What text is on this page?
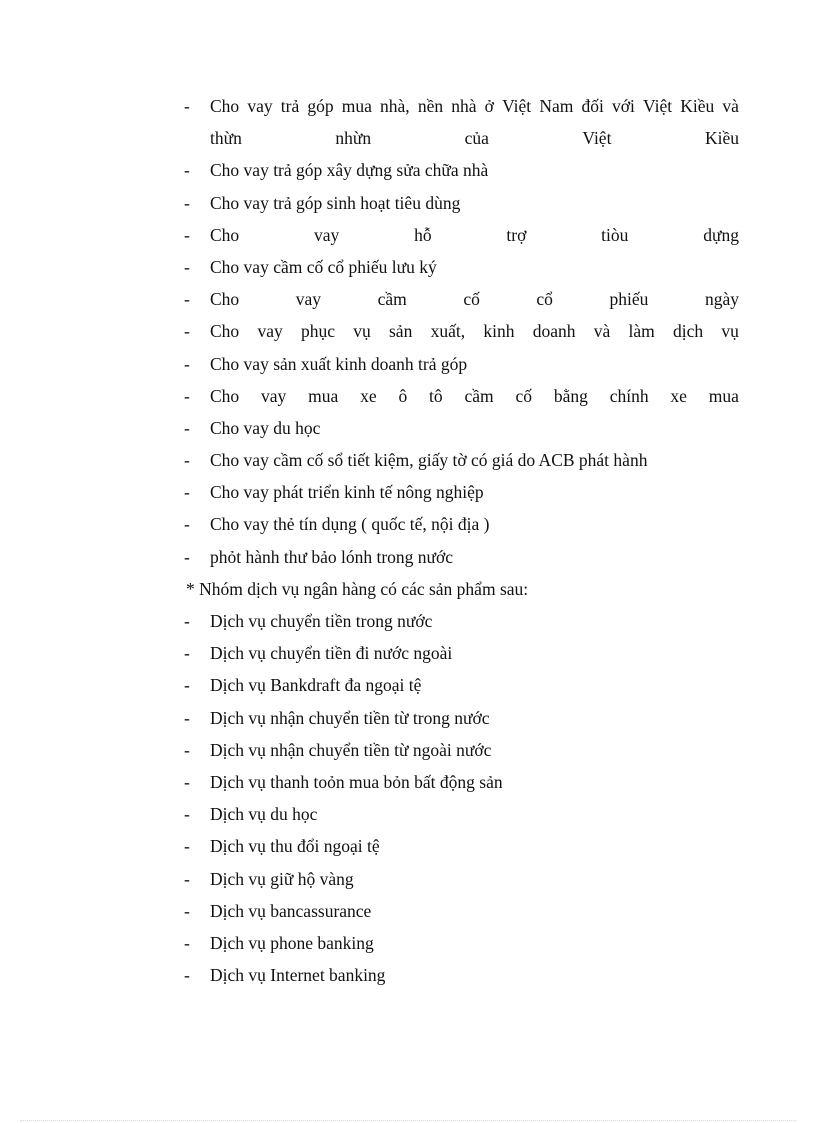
- Cho vay trả góp mua nhà, nền nhà ở Việt Nam đối với Việt Kiều và
thừn	nhừn	của	Việt	Kiều
- Cho vay trả góp xây dựng sửa chữa nhà
- Cho vay trả góp sinh hoạt tiêu dùng
- Cho	vay	hỗ	trợ	tiòu	dựng
- Cho vay cầm cố cổ phiếu lưu ký
- Cho	vay	cầm	cố	cổ	phiếu	ngày
- Cho vay phục vụ sản xuất, kinh doanh và làm dịch vụ
- Cho vay sản xuất kinh doanh trả góp
- Cho vay mua xe ô tô cầm cố bằng chính xe mua
- Cho vay du học
- Cho vay cầm cố sổ tiết kiệm, giấy tờ có giá do ACB phát hành
- Cho vay phát triển kinh tế nông nghiệp
- Cho vay thẻ tín dụng ( quốc tế, nội địa )
- phỏt hành thư bảo lónh trong nước
* Nhóm dịch vụ ngân hàng có các sản phẩm sau:
- Dịch vụ chuyển tiền trong nước
- Dịch vụ chuyển tiền đi nước ngoài
- Dịch vụ Bankdraft đa ngoại tệ
- Dịch vụ nhận chuyển tiền từ trong nước
- Dịch vụ nhận chuyển tiền từ ngoài nước
- Dịch vụ thanh toỏn mua bỏn bất động sản
- Dịch vụ du học
- Dịch vụ thu đổi ngoại tệ
- Dịch vụ giữ hộ vàng
- Dịch vụ bancassurance
- Dịch vụ phone banking
- Dịch vụ Internet banking
